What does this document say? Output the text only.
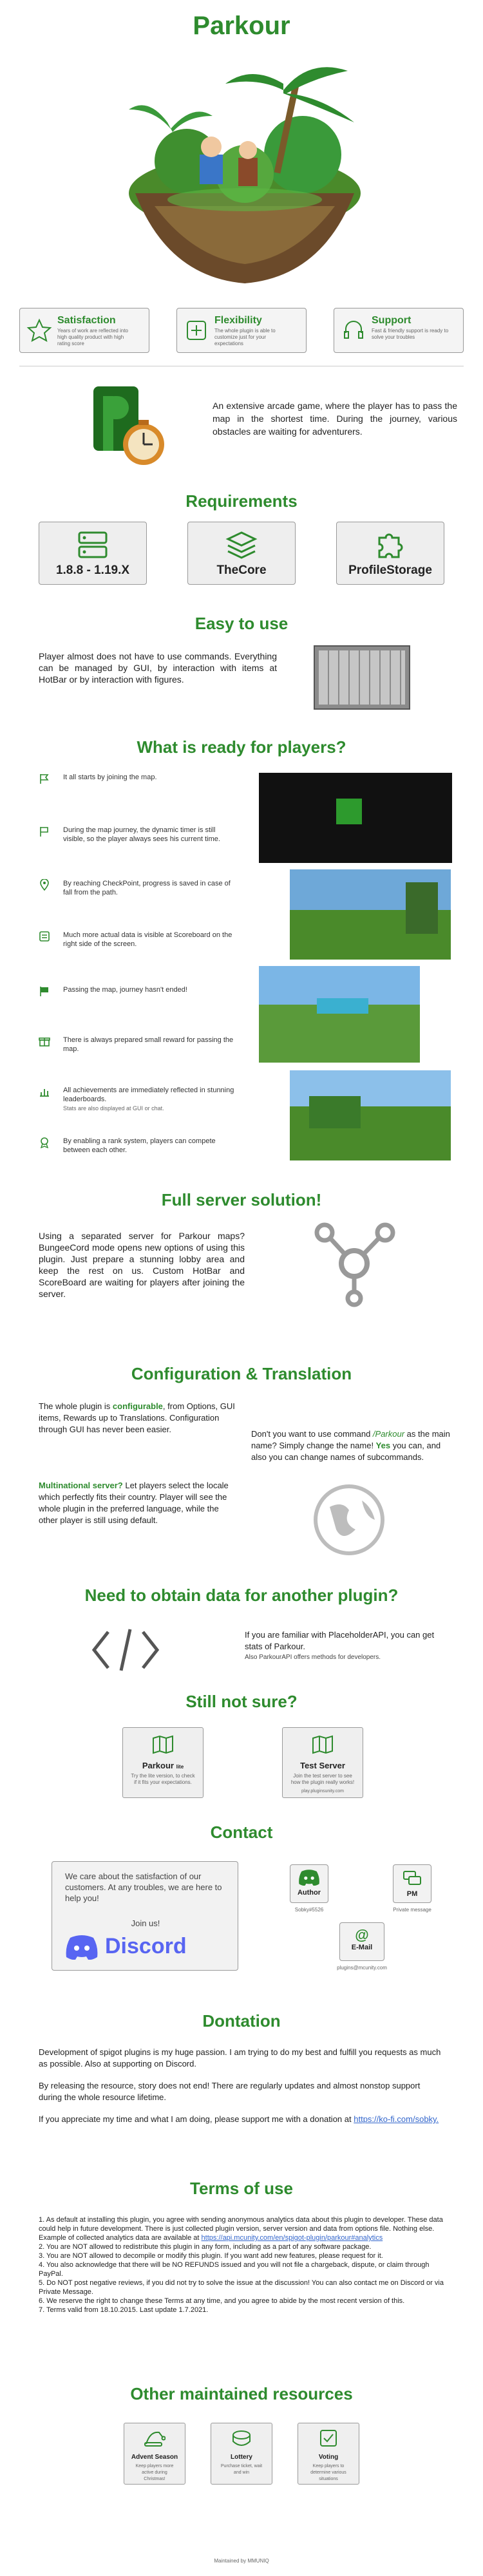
Parkour
Satisfaction
Years of work are reflected into high quality product with high rating score
Flexibility
The whole plugin is able to customize just for your expectations
Support
Fast & friendly support is ready to solve your troubles
An extensive arcade game, where the player has to pass the map in the shortest time. During the journey, various obstacles are waiting for adventurers.
Requirements
1.8.8 - 1.19.X	TheCore	ProfileStorage
Easy to use
Player almost does not have to use commands. Everything can be managed by GUI, by interaction with items at HotBar or by interaction with figures.
What is ready for players?
It all starts by joining the map.
During the map journey, the dynamic timer is still visible, so the player always sees his current time.
By reaching CheckPoint, progress is saved in case of fall from the path.
Much more actual data is visible at Scoreboard on the right side of the screen.
Passing the map, journey hasn't ended!
There is always prepared small reward for passing the map.
All achievements are immediately reflected in stunning leaderboards.
Stats are also displayed at GUI or chat.
By enabling a rank system, players can compete between each other.
Full server solution!
Using a separated server for Parkour maps? BungeeCord mode opens new options of using this plugin. Just prepare a stunning lobby area and keep the rest on us. Custom HotBar and ScoreBoard are waiting for players after joining the server.
Configuration & Translation
The whole plugin is configurable, from Options, GUI items, Rewards up to Translations. Configuration through GUI has never been easier.	Don't you want to use command /Parkour as the main name? Simply change the name! Yes you can, and also you can change names of subcommands.
Multinational server? Let players select the locale which perfectly fits their country. Player will see the whole plugin in the preferred language, while the other player is still using default.
Need to obtain data for another plugin?
If you are familiar with PlaceholderAPI, you can get stats of Parkour.
Also ParkourAPI offers methods for developers.
Still not sure?
Parkour lite
Try the lite version, to check if it fits your expectations.
Test Server
Join the test server to see how the plugin really works!
play.pluginsunity.com
Contact
We care about the satisfaction of our customers. At any troubles, we are here to help you!
Join us!
Discord
Author
Sobky#5526
PM
Private message
@
E-Mail
plugins@mcunity.com
Dontation
Development of spigot plugins is my huge passion. I am trying to do my best and fulfill you requests as much as possible. Also at supporting on Discord.
By releasing the resource, story does not end! There are regularly updates and almost nonstop support during the whole resource lifetime.
If you appreciate my time and what I am doing, please support me with a donation at https://ko-fi.com/sobky.
Terms of use
1. As default at installing this plugin, you agree with sending anonymous analytics data about this plugin to developer. These data could help in future development. There is just collected plugin version, server version and data from options file. Nothing else.
Example of collected analytics data are available at https://api.mcunity.com/en/spigot-plugin/parkour#analytics
2. You are NOT allowed to redistribute this plugin in any form, including as a part of any software package.
3. You are NOT allowed to decompile or modify this plugin. If you want add new features, please request for it.
4. You also acknowledge that there will be NO REFUNDS issued and you will not file a chargeback, dispute, or claim through PayPal.
5. Do NOT post negative reviews, if you did not try to solve the issue at the discussion! You can also contact me on Discord or via Private Message.
6. We reserve the right to change these Terms at any time, and you agree to abide by the most recent version of this.
7. Terms valid from 18.10.2015. Last update 1.7.2021.
Other maintained resources
Advent Season
Keep players more active during Christmas!
Lottery
Purchase ticket, wait and win
Voting
Keep players to determine various situations
Maintained by MMUNIQ
